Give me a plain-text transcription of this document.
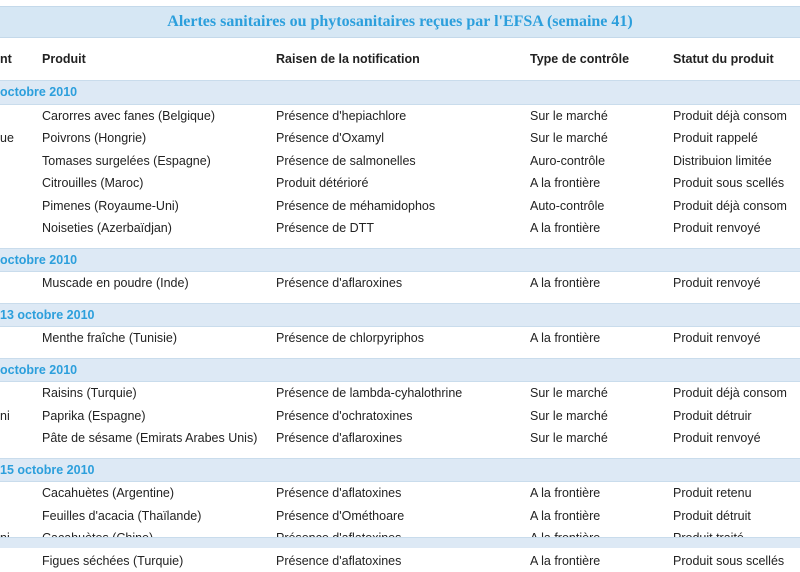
Alertes sanitaires ou phytosanitaires reçues par l'EFSA (semaine 41)
nt	Produit	Raisen de la notification	Type de contrôle	Statut du produit

octobre 2010				
	Carorres avec fanes (Belgique)	Présence d'hepiachlore	Sur le marché	Produit déjà consom
ue	Poivrons (Hongrie)	Présence d'Oxamyl	Sur le marché	Produit rappelé
	Tomases surgelées (Espagne)	Présence de salmonelles	Auro-contrôle	Distribuion limitée
	Citrouilles (Maroc)	Produit détérioré	A la frontière	Produit sous scellés
	Pimenes (Royaume-Uni)	Présence de méhamidophos	Auto-contrôle	Produit déjà consom
	Noiseties (Azerbaïdjan)	Présence de DTT	A la frontière	Produit renvoyé

octobre 2010				
	Muscade en poudre (Inde)	Présence d'aflaroxines	A la frontière	Produit renvoyé

13 octobre 2010				
	Menthe fraîche (Tunisie)	Présence de chlorpyriphos	A la frontière	Produit renvoyé

octobre 2010				
	Raisins (Turquie)	Présence de lambda-cyhalothrine	Sur le marché	Produit déjà consom
ni	Paprika (Espagne)	Présence d'ochratoxines	Sur le marché	Produit détruir
	Pâte de sésame (Emirats Arabes Unis)	Présence d'aflaroxines	Sur le marché	Produit renvoyé

15 octobre 2010				
	Cacahuètes (Argentine)	Présence d'aflatoxines	A la frontière	Produit retenu
	Feuilles d'acacia (Thaïlande)	Présence d'Ométhoare	A la frontière	Produit détruit

	Figues séchées (Turquie)	Présence d'aflatoxines	A la frontière	Produit sous scellés
